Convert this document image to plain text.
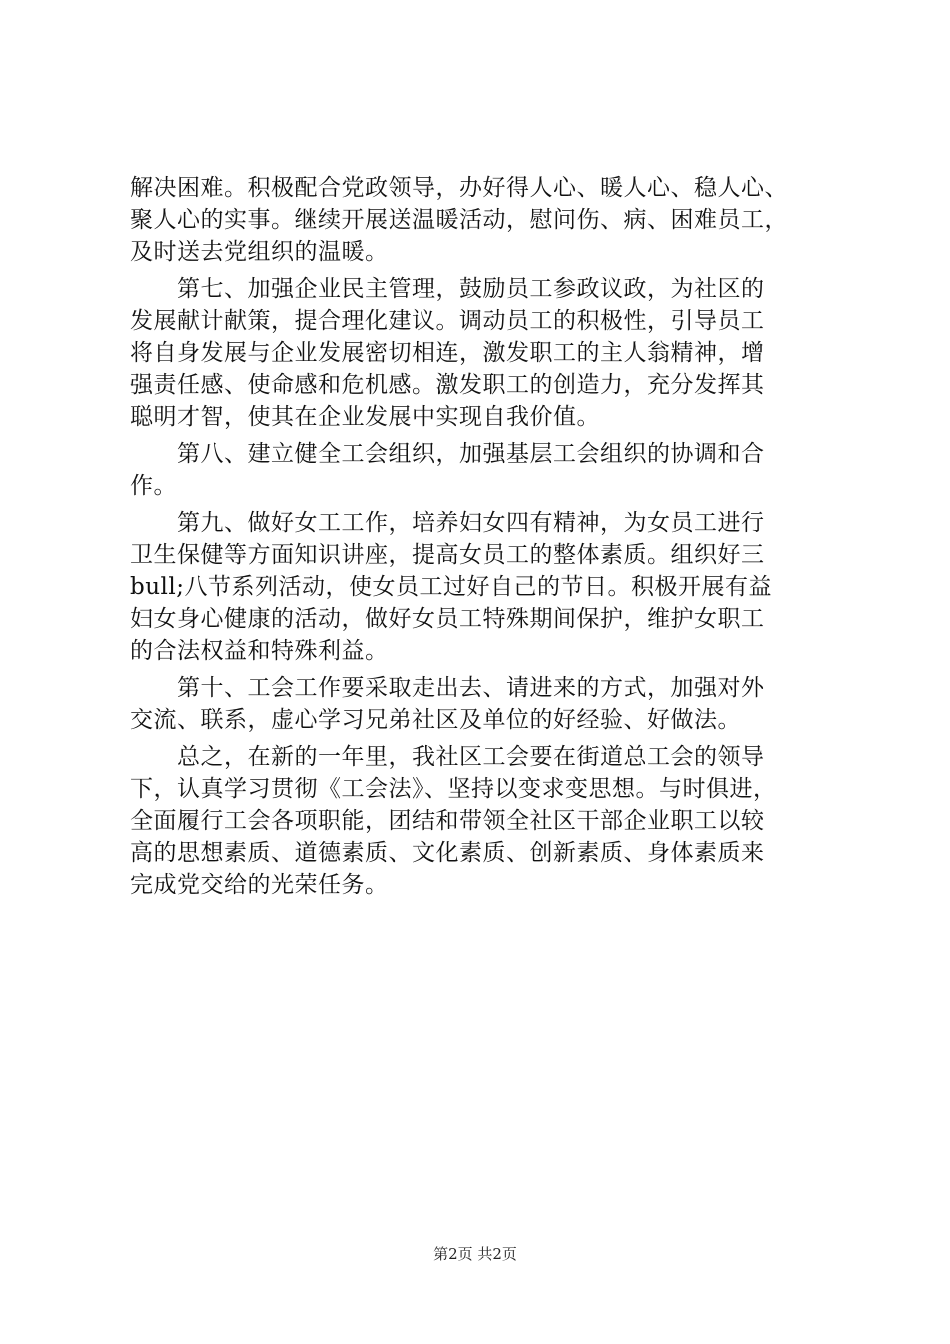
解决困难。积极配合党政领导，办好得人心、暖人心、稳人心、
聚人心的实事。继续开展送温暖活动，慰问伤、病、困难员工，
及时送去党组织的温暖。
　　第七、加强企业民主管理，鼓励员工参政议政，为社区的
发展献计献策，提合理化建议。调动员工的积极性，引导员工
将自身发展与企业发展密切相连，激发职工的主人翁精神，增
强责任感、使命感和危机感。激发职工的创造力，充分发挥其
聪明才智，使其在企业发展中实现自我价值。
　　第八、建立健全工会组织，加强基层工会组织的协调和合
作。
　　第九、做好女工工作，培养妇女四有精神，为女员工进行
卫生保健等方面知识讲座，提高女员工的整体素质。组织好三
bull;八节系列活动，使女员工过好自己的节日。积极开展有益
妇女身心健康的活动，做好女员工特殊期间保护，维护女职工
的合法权益和特殊利益。
　　第十、工会工作要采取走出去、请进来的方式，加强对外
交流、联系，虚心学习兄弟社区及单位的好经验、好做法。
　　总之，在新的一年里，我社区工会要在街道总工会的领导
下，认真学习贯彻《工会法》、坚持以变求变思想。与时俱进，
全面履行工会各项职能，团结和带领全社区干部企业职工以较
高的思想素质、道德素质、文化素质、创新素质、身体素质来
完成党交给的光荣任务。
第2页 共2页
